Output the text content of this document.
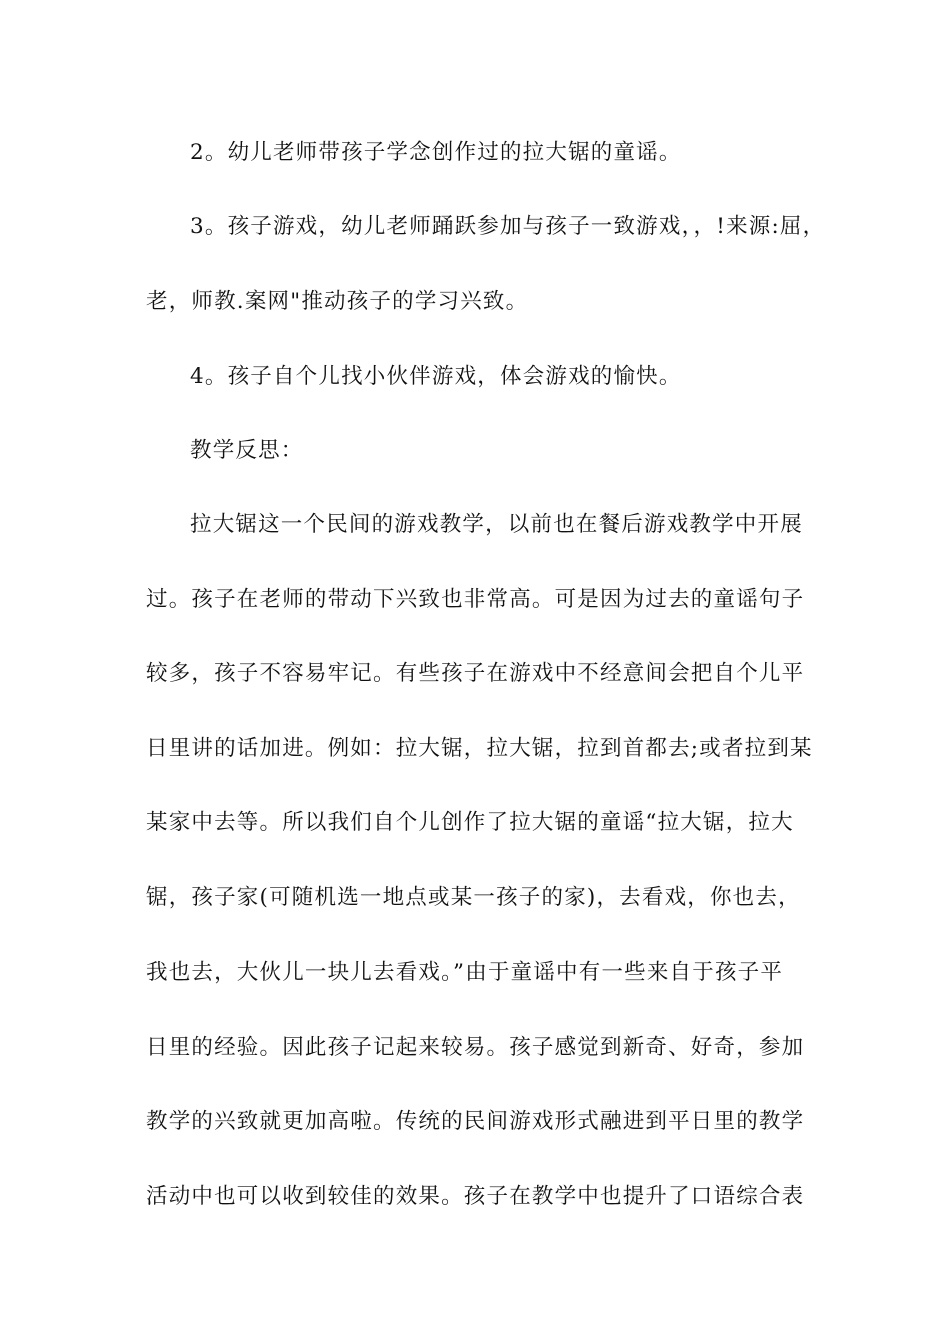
2。幼儿老师带孩子学念创作过的拉大锯的童谣。
3。孩子游戏，幼儿老师踊跃参加与孩子一致游戏，，!来源:屈，
老，师教.案网"推动孩子的学习兴致。
4。孩子自个儿找小伙伴游戏，体会游戏的愉快。
教学反思：
拉大锯这一个民间的游戏教学，以前也在餐后游戏教学中开展
过。孩子在老师的带动下兴致也非常高。可是因为过去的童谣句子
较多，孩子不容易牢记。有些孩子在游戏中不经意间会把自个儿平
日里讲的话加进。例如：拉大锯，拉大锯，拉到首都去;或者拉到某
某家中去等。所以我们自个儿创作了拉大锯的童谣“拉大锯，拉大
锯，孩子家(可随机选一地点或某一孩子的家)，去看戏，你也去，
我也去，大伙儿一块儿去看戏。”由于童谣中有一些来自于孩子平
日里的经验。因此孩子记起来较易。孩子感觉到新奇、好奇，参加
教学的兴致就更加高啦。传统的民间游戏形式融进到平日里的教学
活动中也可以收到较佳的效果。孩子在教学中也提升了口语综合表
